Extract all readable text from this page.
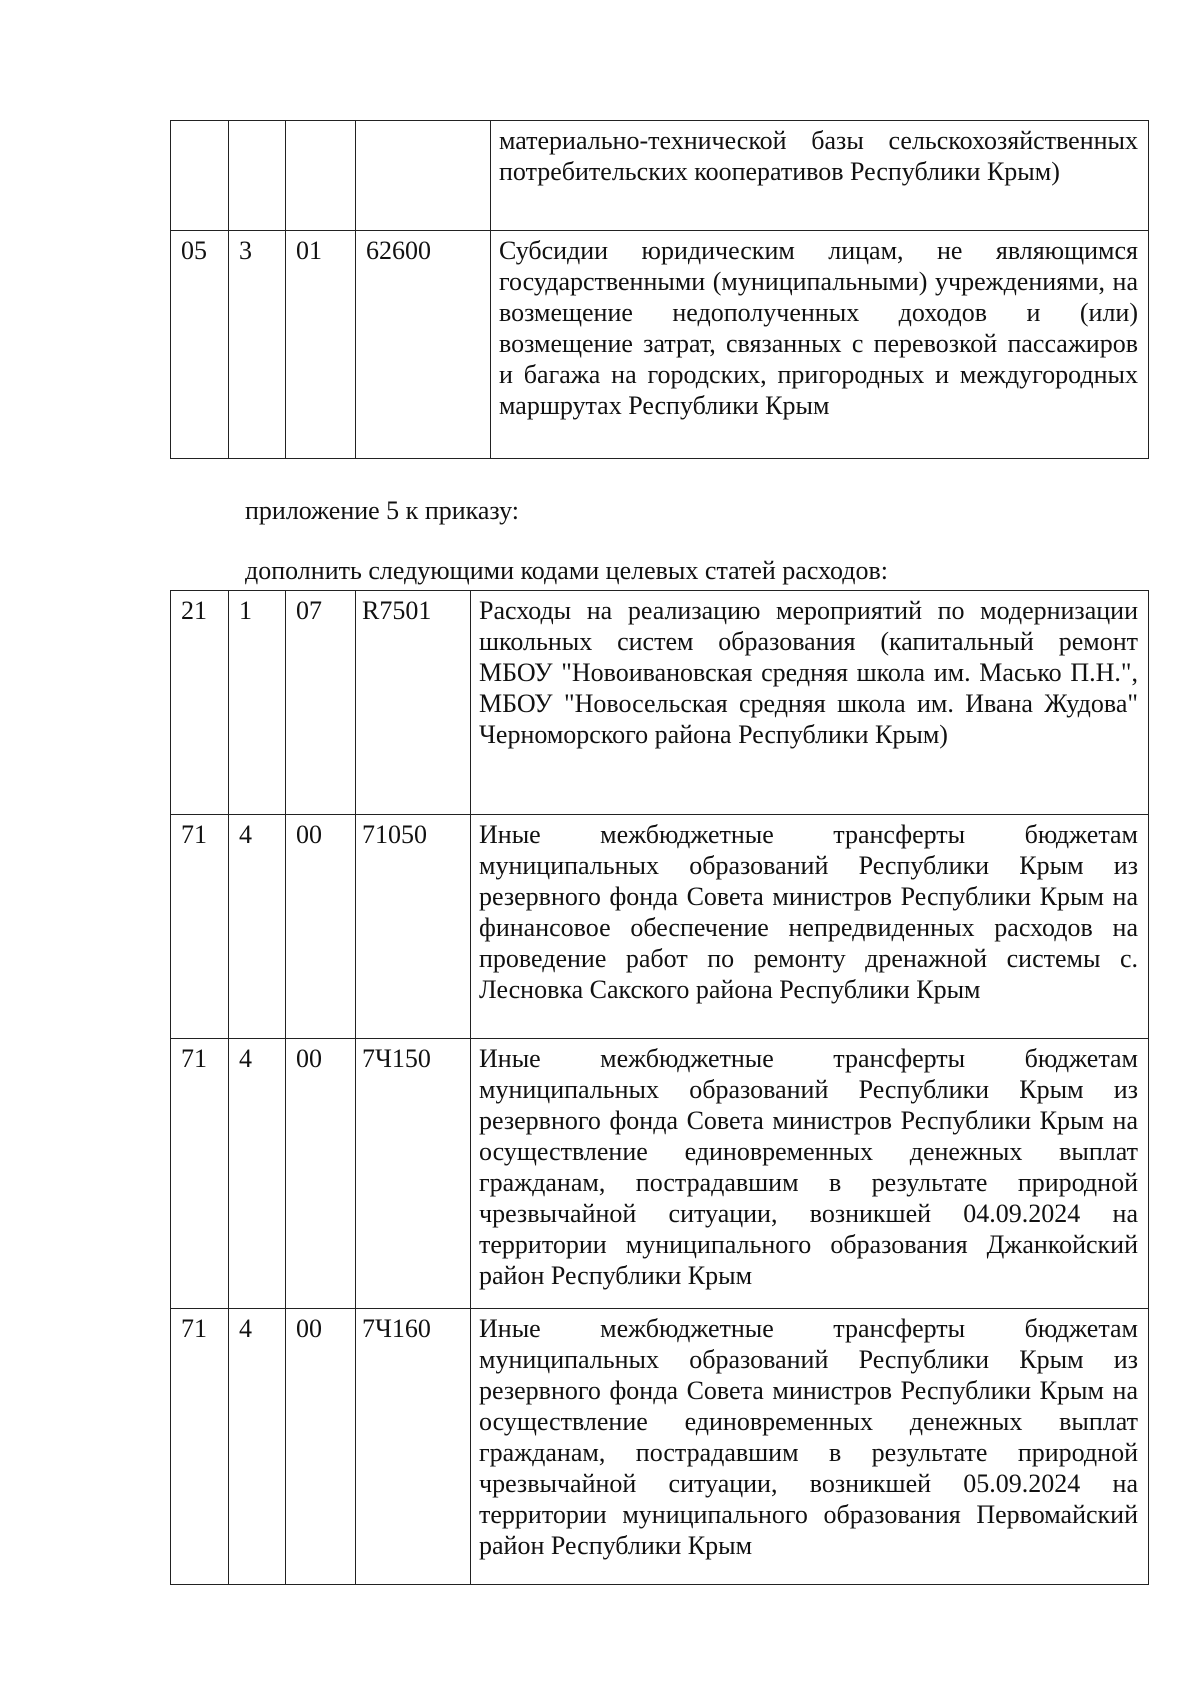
				материально-технической базы сельскохозяйственных потребительских кооперативов Республики Крым)
05	3	01	62600	Субсидии юридическим лицам, не являющимся государственными (муниципальными) учреждениями, на возмещение недополученных доходов и (или) возмещение затрат, связанных с перевозкой пассажиров и багажа на городских, пригородных и междугородных маршрутах Республики Крым
приложение 5 к приказу:
дополнить следующими кодами целевых статей расходов:
21	1	07	R7501	Расходы на реализацию мероприятий по модернизации школьных систем образования (капитальный ремонт МБОУ "Новоивановская средняя школа им. Масько П.Н.", МБОУ "Новосельская средняя школа им. Ивана Жудова" Черноморского района Республики Крым)
71	4	00	71050	Иные межбюджетные трансферты бюджетам муниципальных образований Республики Крым из резервного фонда Совета министров Республики Крым на финансовое обеспечение непредвиденных расходов на проведение работ по ремонту дренажной системы с. Лесновка Сакского района Республики Крым
71	4	00	7Ч150	Иные межбюджетные трансферты бюджетам муниципальных образований Республики Крым из резервного фонда Совета министров Республики Крым на осуществление единовременных денежных выплат гражданам, пострадавшим в результате природной чрезвычайной ситуации, возникшей 04.09.2024 на территории муниципального образования Джанкойский район Республики Крым
71	4	00	7Ч160	Иные межбюджетные трансферты бюджетам муниципальных образований Республики Крым из резервного фонда Совета министров Республики Крым на осуществление единовременных денежных выплат гражданам, пострадавшим в результате природной чрезвычайной ситуации, возникшей 05.09.2024 на территории муниципального образования Первомайский район Республики Крым
